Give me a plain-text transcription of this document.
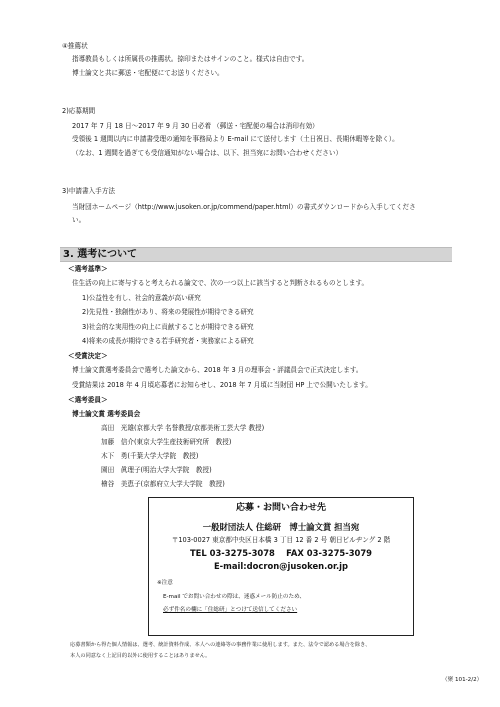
④推薦状
指導教員もしくは所属長の推薦状。捺印またはサインのこと。様式は自由です。
博士論文と共に郵送・宅配便にてお送りください。
2)応募期間
2017 年 7 月 18 日～2017 年 9 月 30 日必着 （郵送・宅配便の場合は消印有効）
受領後 1 週間以内に申請書受理の通知を事務局より E-mail にて送付します（土日祝日、長期休暇等を除く）。
（なお、1 週間を過ぎても受信通知がない場合は、以下、担当宛にお問い合わせください）
3)申請書入手方法
当財団ホームページ（http://www.jusoken.or.jp/commend/paper.html）の書式ダウンロードから入手してくださ
い。
3. 選考について
＜選考基準＞
住生活の向上に寄与すると考えられる論文で、次の一つ以上に該当すると判断されるものとします。
1)公益性を有し、社会的意義が高い研究
2)先見性・独創性があり、将来の発展性が期待できる研究
3)社会的な実用性の向上に貢献することが期待できる研究
4)将来の成長が期待できる若手研究者・実務家による研究
＜受賞決定＞
博士論文賞選考委員会で選考した論文から、2018 年 3 月の理事会・評議員会で正式決定します。
受賞結果は 2018 年 4 月頃応募者にお知らせし、2018 年 7 月頃に当財団 HP 上で公開いたします。
＜選考委員＞
博士論文賞 選考委員会
高田　光雄(京都大学 名誉教授/京都美術工芸大学 教授)
加藤　信介(東京大学生産技術研究所　教授)
木下　勇(千葉大学大学院　教授)
園田　眞理子(明治大学大学院　教授)
檜谷　美恵子(京都府立大学大学院　教授)
応募・お問い合わせ先
一般財団法人 住総研　博士論文賞 担当宛
〒103-0027 東京都中央区日本橋 3 丁目 12 番 2 号 朝日ビルヂング 2 階
TEL 03-3275-3078　 FAX 03-3275-3079
E-mail:docron@jusoken.or.jp
※注意
E-mail でお問い合わせの際は、迷惑メール防止のため、
必ず件名の欄に「住総研」とつけて送信してください
応募書類から得た個人情報は、選考、統計資料作成、本人への連絡等の事務作業に使用します。また、法令で認める場合を除き、
本人の同意なく上記目的以外に使用することはありません。
（聚 101-2/2）
